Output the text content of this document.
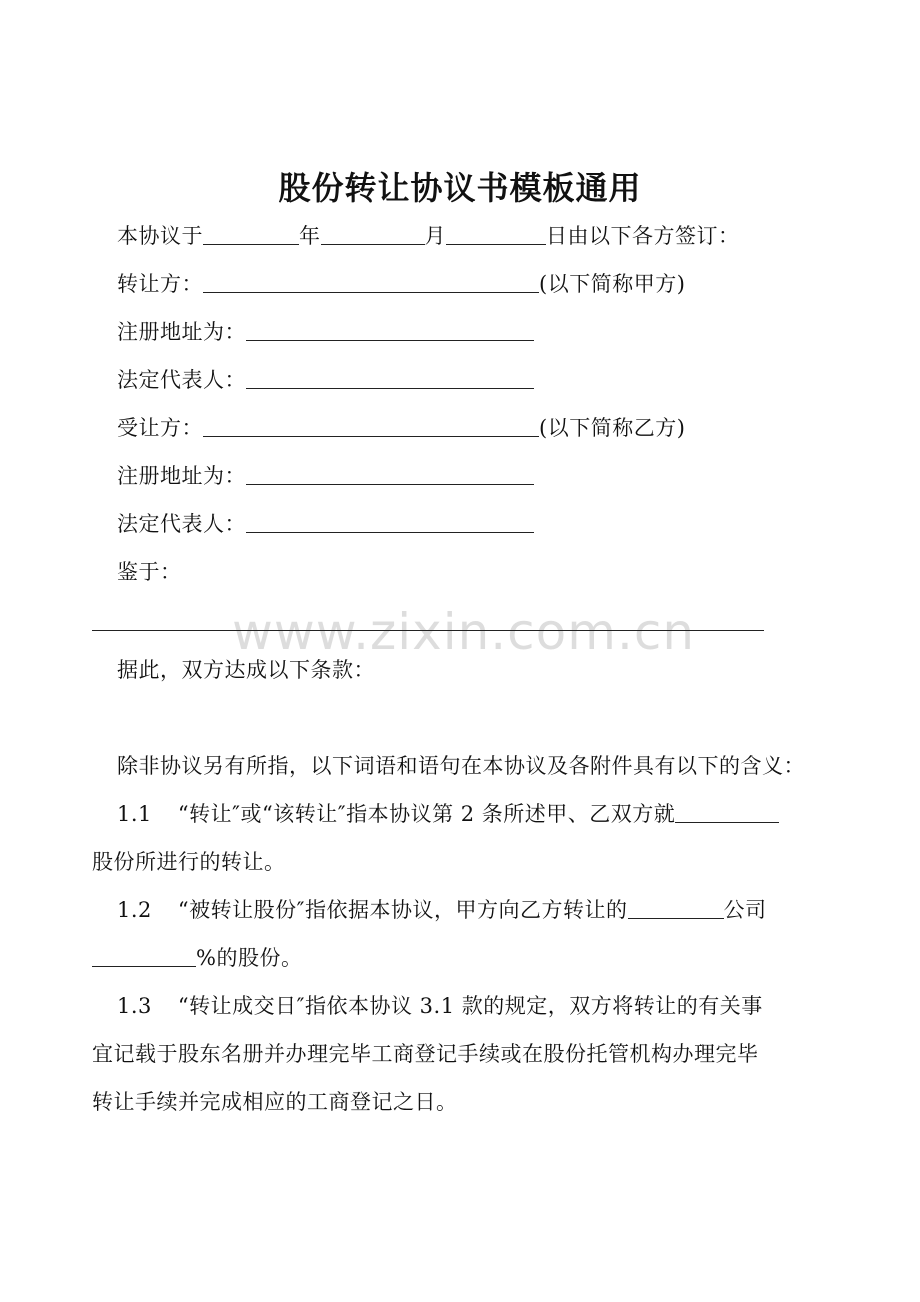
股份转让协议书模板通用
本协议于	年	月	日由以下各方签订：
转让方：	(以下简称甲方)
注册地址为：
法定代表人：
受让方：	(以下简称乙方)
注册地址为：
法定代表人：
鉴于：
www.zixin.com.cn
据此，双方达成以下条款：
除非协议另有所指，以下词语和语句在本协议及各附件具有以下的含义：
1.1 “转让″或“该转让″指本协议第 2 条所述甲、乙双方就
股份所进行的转让。
1.2 “被转让股份″指依据本协议，甲方向乙方转让的	公司
%的股份。
1.3 “转让成交日″指依本协议 3.1 款的规定，双方将转让的有关事
宜记载于股东名册并办理完毕工商登记手续或在股份托管机构办理完毕
转让手续并完成相应的工商登记之日。
